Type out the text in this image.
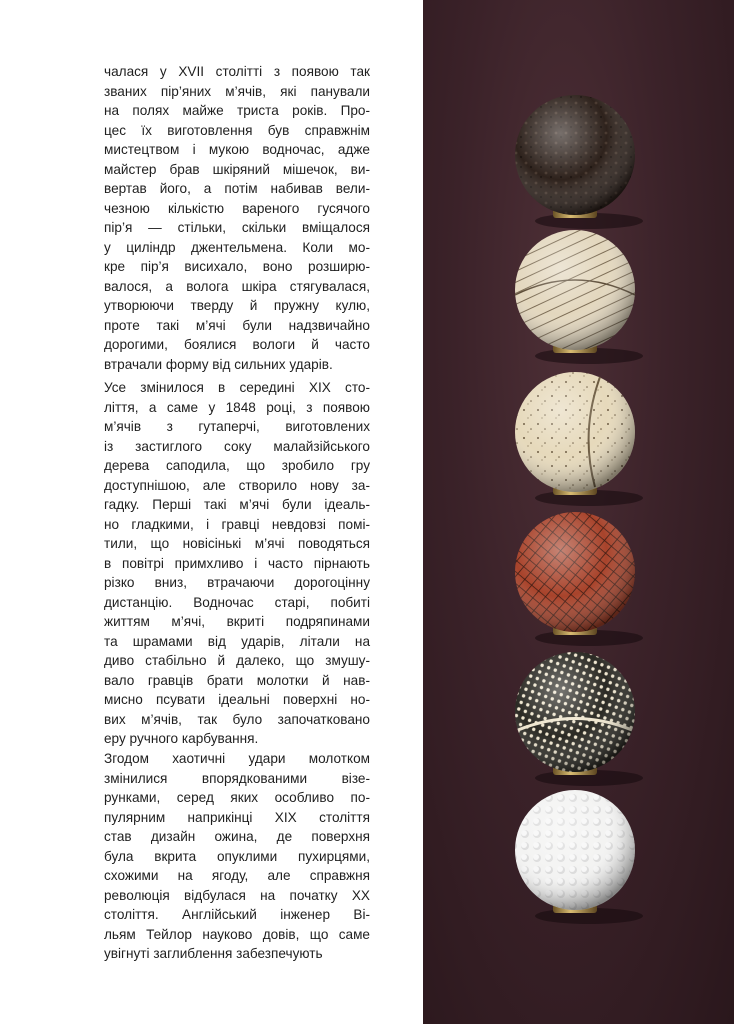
чалася у XVII столітті з появою так
званих пір’яних м’ячів, які панували
на полях майже триста років. Про-
цес їх виготовлення був справжнім
мистецтвом і мукою водночас, адже
майстер брав шкіряний мішечок, ви-
вертав його, а потім набивав вели-
чезною кількістю вареного гусячого
пір’я — стільки, скільки вміщалося
у циліндр джентельмена. Коли мо-
кре пір’я висихало, воно розширю-
валося, а волога шкіра стягувалася,
утворюючи тверду й пружну кулю,
проте такі м’ячі були надзвичайно
дорогими, боялися вологи й часто
втрачали форму від сильних ударів.

Усе змінилося в середині XIX сто-
ліття, а саме у 1848 році, з появою
м’ячів з гутаперчі, виготовлених
із застиглого соку малайзійського
дерева саподила, що зробило гру
доступнішою, але створило нову за-
гадку. Перші такі м’ячі були ідеаль-
но гладкими, і гравці невдовзі помі-
тили, що новісінькі м’ячі поводяться
в повітрі примхливо і часто пірнають
різко вниз, втрачаючи дорогоцінну
дистанцію. Водночас старі, побиті
життям м’ячі, вкриті подряпинами
та шрамами від ударів, літали на
диво стабільно й далеко, що змушу-
вало гравців брати молотки й нав-
мисно псувати ідеальні поверхні но-
вих м’ячів, так було започатковано
еру ручного карбування.

Згодом хаотичні удари молотком
змінилися впорядкованими візе-
рунками, серед яких особливо по-
пулярним наприкінці XIX століття
став дизайн ожина, де поверхня
була вкрита опуклими пухирцями,
схожими на ягоду, але справжня
революція відбулася на початку XX
століття. Англійський інженер Ві-
льям Тейлор науково довів, що саме
увігнуті заглиблення забезпечують
